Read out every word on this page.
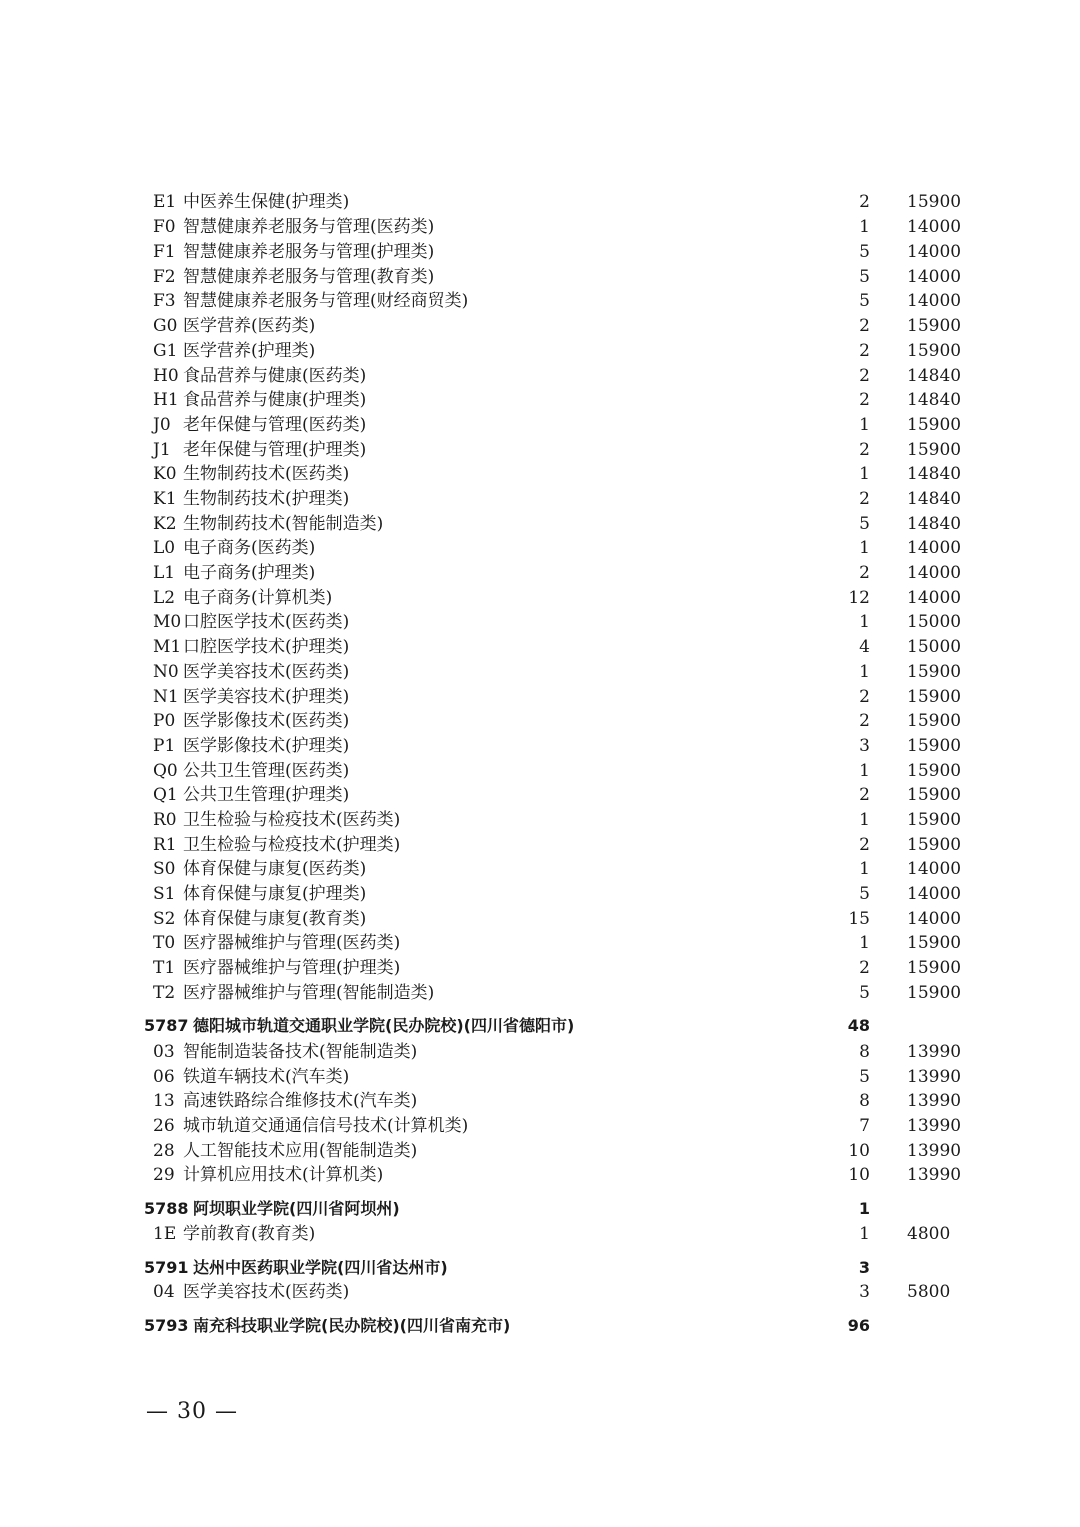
E1 中医养生保健(护理类)	2 15900
F0 智慧健康养老服务与管理(医药类)	1 14000
F1 智慧健康养老服务与管理(护理类)	5 14000
F2 智慧健康养老服务与管理(教育类)	5 14000
F3 智慧健康养老服务与管理(财经商贸类)	5 14000
G0 医学营养(医药类)	2 15900
G1 医学营养(护理类)	2 15900
H0 食品营养与健康(医药类)	2 14840
H1 食品营养与健康(护理类)	2 14840
J0 老年保健与管理(医药类)	1 15900
J1 老年保健与管理(护理类)	2 15900
K0 生物制药技术(医药类)	1 14840
K1 生物制药技术(护理类)	2 14840
K2 生物制药技术(智能制造类)	5 14840
L0 电子商务(医药类)	1 14000
L1 电子商务(护理类)	2 14000
L2 电子商务(计算机类)	12 14000
M0 口腔医学技术(医药类)	1 15000
M1 口腔医学技术(护理类)	4 15000
N0 医学美容技术(医药类)	1 15900
N1 医学美容技术(护理类)	2 15900
P0 医学影像技术(医药类)	2 15900
P1 医学影像技术(护理类)	3 15900
Q0 公共卫生管理(医药类)	1 15900
Q1 公共卫生管理(护理类)	2 15900
R0 卫生检验与检疫技术(医药类)	1 15900
R1 卫生检验与检疫技术(护理类)	2 15900
S0 体育保健与康复(医药类)	1 14000
S1 体育保健与康复(护理类)	5 14000
S2 体育保健与康复(教育类)	15 14000
T0 医疗器械维护与管理(医药类)	1 15900
T1 医疗器械维护与管理(护理类)	2 15900
T2 医疗器械维护与管理(智能制造类)	5 15900
5787 德阳城市轨道交通职业学院(民办院校)(四川省德阳市)	48
03 智能制造装备技术(智能制造类)	8 13990
06 铁道车辆技术(汽车类)	5 13990
13 高速铁路综合维修技术(汽车类)	8 13990
26 城市轨道交通通信信号技术(计算机类)	7 13990
28 人工智能技术应用(智能制造类)	10 13990
29 计算机应用技术(计算机类)	10 13990
5788 阿坝职业学院(四川省阿坝州)	1
1E 学前教育(教育类)	1 4800
5791 达州中医药职业学院(四川省达州市)	3
04 医学美容技术(医药类)	3 5800
5793 南充科技职业学院(民办院校)(四川省南充市)	96
— 30 —
